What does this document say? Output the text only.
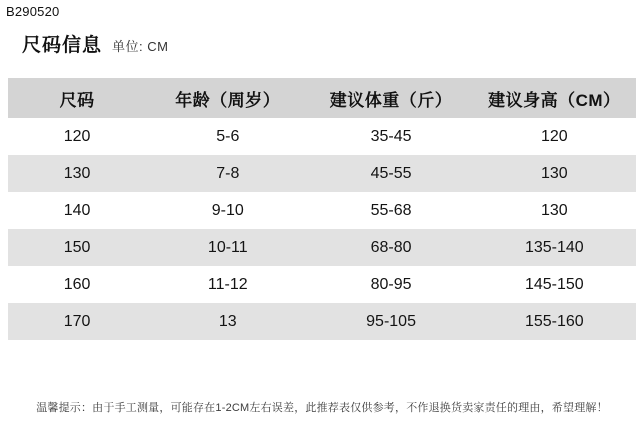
B290520
尺码信息 单位: CM
尺码	年龄（周岁）	建议体重（斤）	建议身高（CM）
120	5-6	35-45	120
130	7-8	45-55	130
140	9-10	55-68	130
150	10-11	68-80	135-140
160	11-12	80-95	145-150
170	13	95-105	155-160
温馨提示：由于手工测量，可能存在1-2CM左右误差，此推荐表仅供参考，不作退换货卖家责任的理由，希望理解！
